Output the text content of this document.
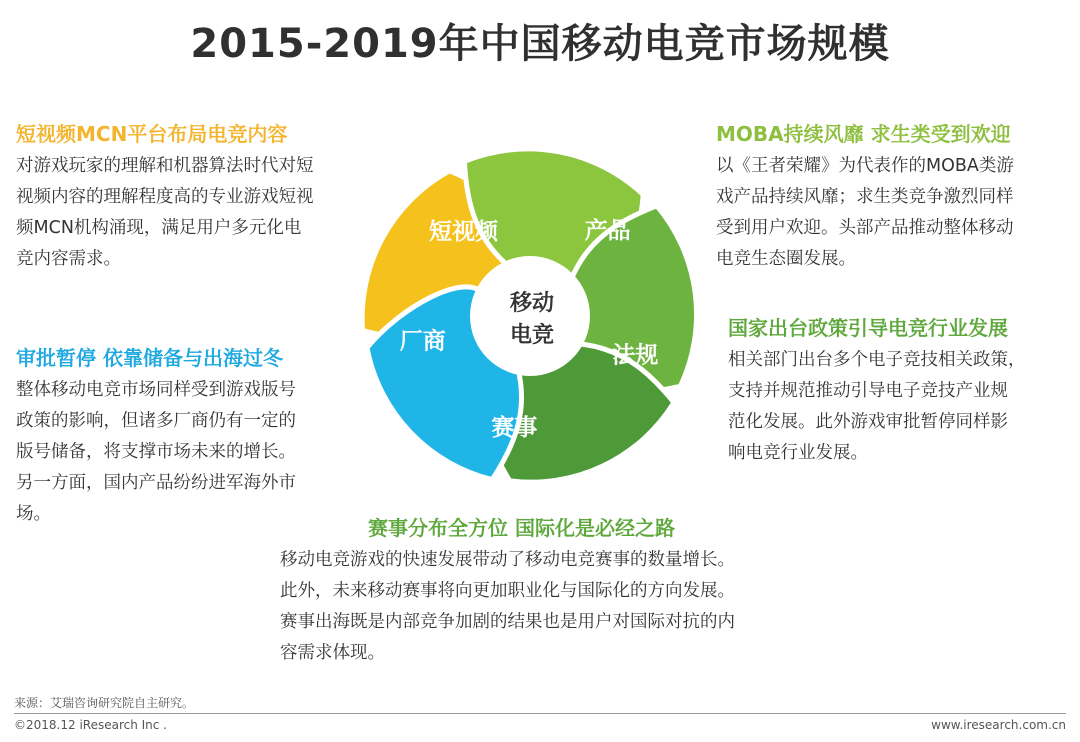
2015-2019年中国移动电竞市场规模
短视频MCN平台布局电竞内容
对游戏玩家的理解和机器算法时代对短
视频内容的理解程度高的专业游戏短视
频MCN机构涌现，满足用户多元化电
竞内容需求。
审批暂停 依靠储备与出海过冬
整体移动电竞市场同样受到游戏版号
政策的影响，但诸多厂商仍有一定的
版号储备，将支撑市场未来的增长。
另一方面，国内产品纷纷进军海外市
场。
MOBA持续风靡 求生类受到欢迎
以《王者荣耀》为代表作的MOBA类游
戏产品持续风靡；求生类竞争激烈同样
受到用户欢迎。头部产品推动整体移动
电竞生态圈发展。
国家出台政策引导电竞行业发展
相关部门出台多个电子竞技相关政策，
支持并规范推动引导电子竞技产业规
范化发展。此外游戏审批暂停同样影
响电竞行业发展。
赛事分布全方位 国际化是必经之路
移动电竞游戏的快速发展带动了移动电竞赛事的数量增长。
此外，未来移动赛事将向更加职业化与国际化的方向发展。
赛事出海既是内部竞争加剧的结果也是用户对国际对抗的内
容需求体现。
短视频	产品
法规
赛事
厂商
移动
电竞
来源：艾瑞咨询研究院自主研究。
©2018.12 iResearch Inc .	www.iresearch.com.cn
